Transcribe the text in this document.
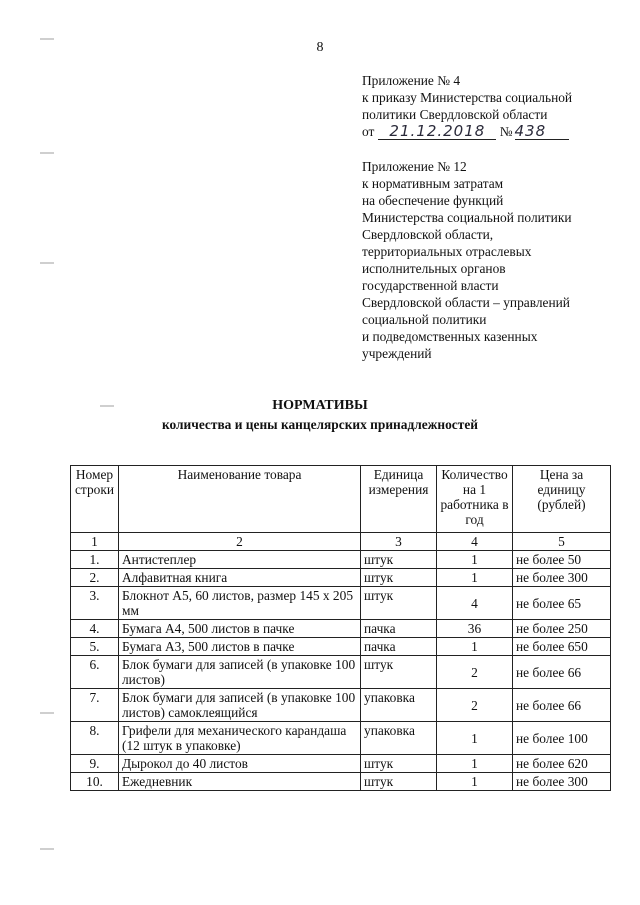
8
Приложение № 4
к приказу Министерства социальной
политики Свердловской области
от 21.12.2018 № 438
Приложение № 12
к нормативным затратам
на обеспечение функций
Министерства социальной политики
Свердловской области,
территориальных отраслевых
исполнительных органов
государственной власти
Свердловской области – управлений
социальной политики
и подведомственных казенных
учреждений
НОРМАТИВЫ
количества и цены канцелярских принадлежностей
Номер строки	Наименование товара	Единица измерения	Количество на 1 работника в год	Цена за единицу (рублей)
1	2	3	4	5
1.	Антистеплер	штук	1	не более 50
2.	Алфавитная книга	штук	1	не более 300
3.	Блокнот А5, 60 листов, размер 145 х 205 мм	штук	4	не более 65
4.	Бумага А4, 500 листов в пачке	пачка	36	не более 250
5.	Бумага А3, 500 листов в пачке	пачка	1	не более 650
6.	Блок бумаги для записей (в упаковке 100 листов)	штук	2	не более 66
7.	Блок бумаги для записей (в упаковке 100 листов) самоклеящийся	упаковка	2	не более 66
8.	Грифели для механического карандаша (12 штук в упаковке)	упаковка	1	не более 100
9.	Дырокол до 40 листов	штук	1	не более 620
10.	Ежедневник	штук	1	не более 300
